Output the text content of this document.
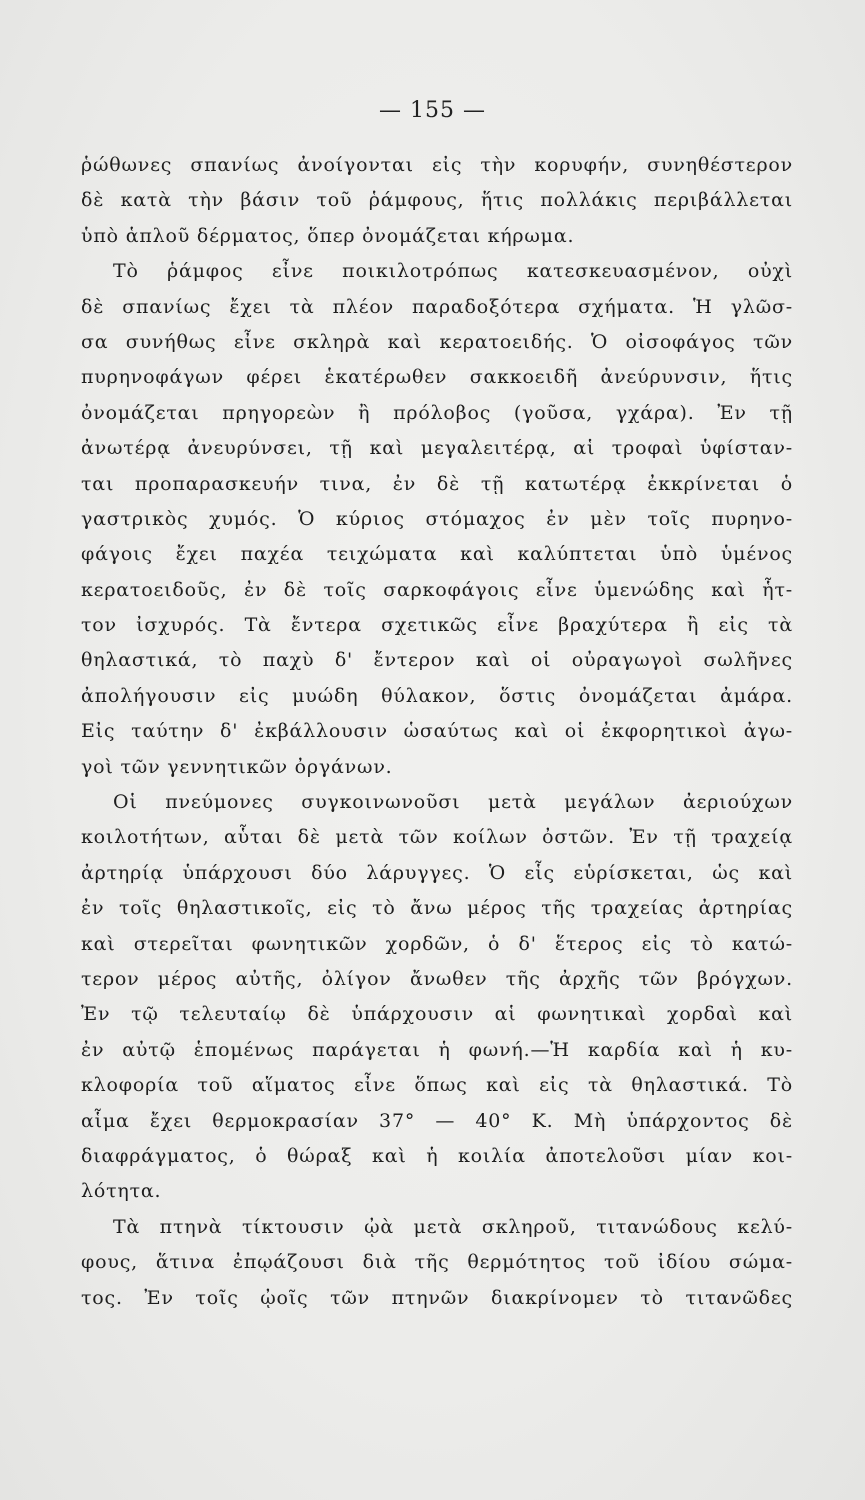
— 155 —
ῥώθωνες σπανίως ἀνοίγονται εἰς τὴν κορυφήν, συνηθέστερον
δὲ κατὰ τὴν βάσιν τοῦ ῥάμφους, ἥτις πολλάκις περιβάλλεται
ὑπὸ ἁπλοῦ δέρματος, ὅπερ ὀνομάζεται κήρωμα.
Τὸ ῥάμφος εἶνε ποικιλοτρόπως κατεσκευασμένον, οὐχὶ
δὲ σπανίως ἔχει τὰ πλέον παραδοξότερα σχήματα. Ἡ γλῶσ-
σα συνήθως εἶνε σκληρὰ καὶ κερατοειδής. Ὁ οἰσοφάγος τῶν
πυρηνοφάγων φέρει ἑκατέρωθεν σακκοειδῆ ἀνεύρυνσιν, ἥτις
ὀνομάζεται πρηγορεὼν ἢ πρόλοβος (γοῦσα, γχάρα). Ἐν τῇ
ἀνωτέρᾳ ἀνευρύνσει, τῇ καὶ μεγαλειτέρᾳ, αἱ τροφαὶ ὑφίσταν-
ται προπαρασκευήν τινα, ἐν δὲ τῇ κατωτέρᾳ ἐκκρίνεται ὁ
γαστρικὸς χυμός. Ὁ κύριος στόμαχος ἐν μὲν τοῖς πυρηνο-
φάγοις ἔχει παχέα τειχώματα καὶ καλύπτεται ὑπὸ ὑμένος
κερατοειδοῦς, ἐν δὲ τοῖς σαρκοφάγοις εἶνε ὑμενώδης καὶ ἧτ-
τον ἰσχυρός. Τὰ ἔντερα σχετικῶς εἶνε βραχύτερα ἢ εἰς τὰ
θηλαστικά, τὸ παχὺ δ' ἔντερον καὶ οἱ οὐραγωγοὶ σωλῆνες
ἀπολήγουσιν εἰς μυώδη θύλακον, ὅστις ὀνομάζεται ἀμάρα.
Εἰς ταύτην δ' ἐκβάλλουσιν ὡσαύτως καὶ οἱ ἐκφορητικοὶ ἀγω-
γοὶ τῶν γεννητικῶν ὀργάνων.
Οἱ πνεύμονες συγκοινωνοῦσι μετὰ μεγάλων ἀεριούχων
κοιλοτήτων, αὗται δὲ μετὰ τῶν κοίλων ὀστῶν. Ἐν τῇ τραχείᾳ
ἀρτηρίᾳ ὑπάρχουσι δύο λάρυγγες. Ὁ εἷς εὑρίσκεται, ὡς καὶ
ἐν τοῖς θηλαστικοῖς, εἰς τὸ ἄνω μέρος τῆς τραχείας ἀρτηρίας
καὶ στερεῖται φωνητικῶν χορδῶν, ὁ δ' ἕτερος εἰς τὸ κατώ-
τερον μέρος αὐτῆς, ὀλίγον ἄνωθεν τῆς ἀρχῆς τῶν βρόγχων.
Ἐν τῷ τελευταίῳ δὲ ὑπάρχουσιν αἱ φωνητικαὶ χορδαὶ καὶ
ἐν αὐτῷ ἑπομένως παράγεται ἡ φωνή.—Ἡ καρδία καὶ ἡ κυ-
κλοφορία τοῦ αἵματος εἶνε ὅπως καὶ εἰς τὰ θηλαστικά. Τὸ
αἷμα ἔχει θερμοκρασίαν 37° — 40° Κ. Μὴ ὑπάρχοντος δὲ
διαφράγματος, ὁ θώραξ καὶ ἡ κοιλία ἀποτελοῦσι μίαν κοι-
λότητα.
Τὰ πτηνὰ τίκτουσιν ᾠὰ μετὰ σκληροῦ, τιτανώδους κελύ-
φους, ἅτινα ἐπῳάζουσι διὰ τῆς θερμότητος τοῦ ἰδίου σώμα-
τος. Ἐν τοῖς ᾠοῖς τῶν πτηνῶν διακρίνομεν τὸ τιτανῶδες
